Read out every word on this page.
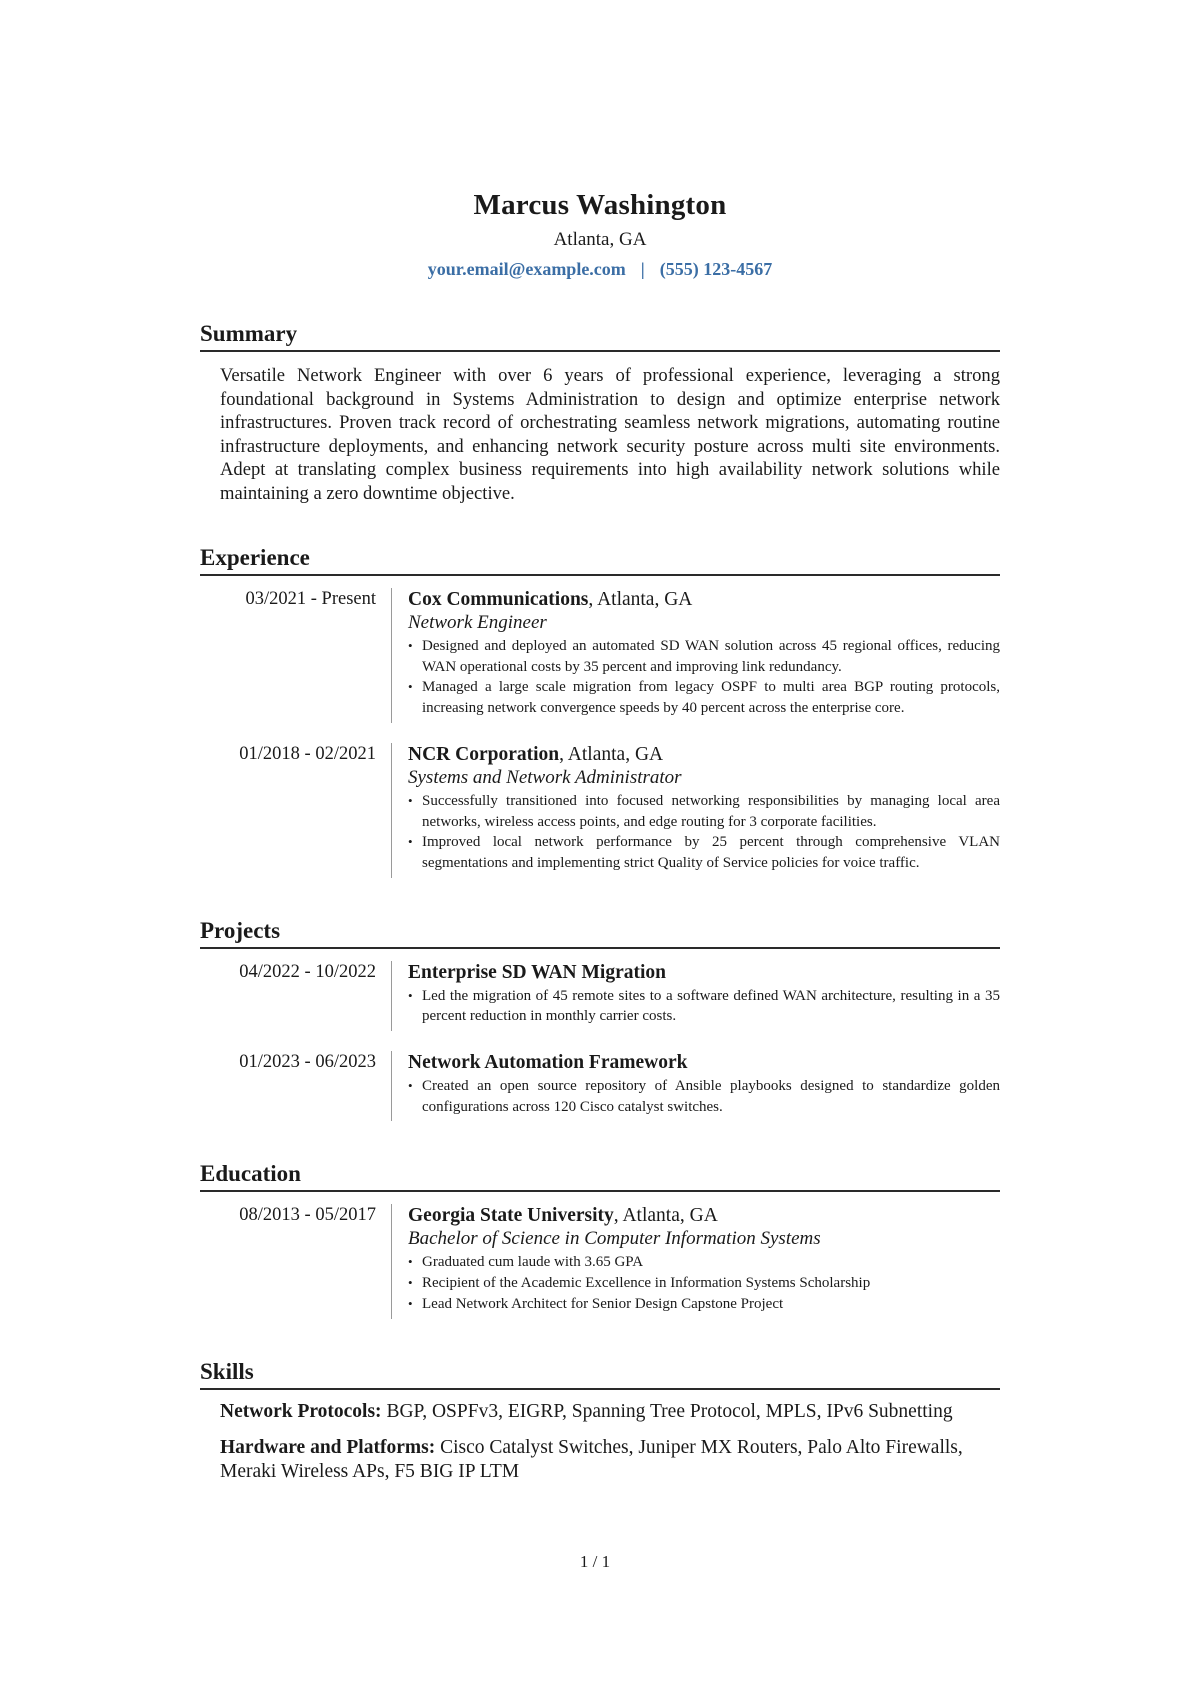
Marcus Washington
Atlanta, GA
your.email@example.com | (555) 123-4567
Summary
Versatile Network Engineer with over 6 years of professional experience, leveraging a strong foundational background in Systems Administration to design and optimize enterprise network infrastructures. Proven track record of orchestrating seamless network migrations, automating routine infrastructure deployments, and enhancing network security posture across multi site environments. Adept at translating complex business requirements into high availability network solutions while maintaining a zero downtime objective.
Experience
03/2021 - Present	Cox Communications, Atlanta, GA
Network Engineer
• Designed and deployed an automated SD WAN solution across 45 regional offices, reducing WAN operational costs by 35 percent and improving link redundancy.
• Managed a large scale migration from legacy OSPF to multi area BGP routing protocols, increasing network convergence speeds by 40 percent across the enterprise core.
01/2018 - 02/2021	NCR Corporation, Atlanta, GA
Systems and Network Administrator
• Successfully transitioned into focused networking responsibilities by managing local area networks, wireless access points, and edge routing for 3 corporate facilities.
• Improved local network performance by 25 percent through comprehensive VLAN segmentations and implementing strict Quality of Service policies for voice traffic.
Projects
04/2022 - 10/2022	Enterprise SD WAN Migration
• Led the migration of 45 remote sites to a software defined WAN architecture, resulting in a 35 percent reduction in monthly carrier costs.
01/2023 - 06/2023	Network Automation Framework
• Created an open source repository of Ansible playbooks designed to standardize golden configurations across 120 Cisco catalyst switches.
Education
08/2013 - 05/2017	Georgia State University, Atlanta, GA
Bachelor of Science in Computer Information Systems
• Graduated cum laude with 3.65 GPA
• Recipient of the Academic Excellence in Information Systems Scholarship
• Lead Network Architect for Senior Design Capstone Project
Skills
Network Protocols: BGP, OSPFv3, EIGRP, Spanning Tree Protocol, MPLS, IPv6 Subnetting
Hardware and Platforms: Cisco Catalyst Switches, Juniper MX Routers, Palo Alto Firewalls, Meraki Wireless APs, F5 BIG IP LTM
1 / 1
